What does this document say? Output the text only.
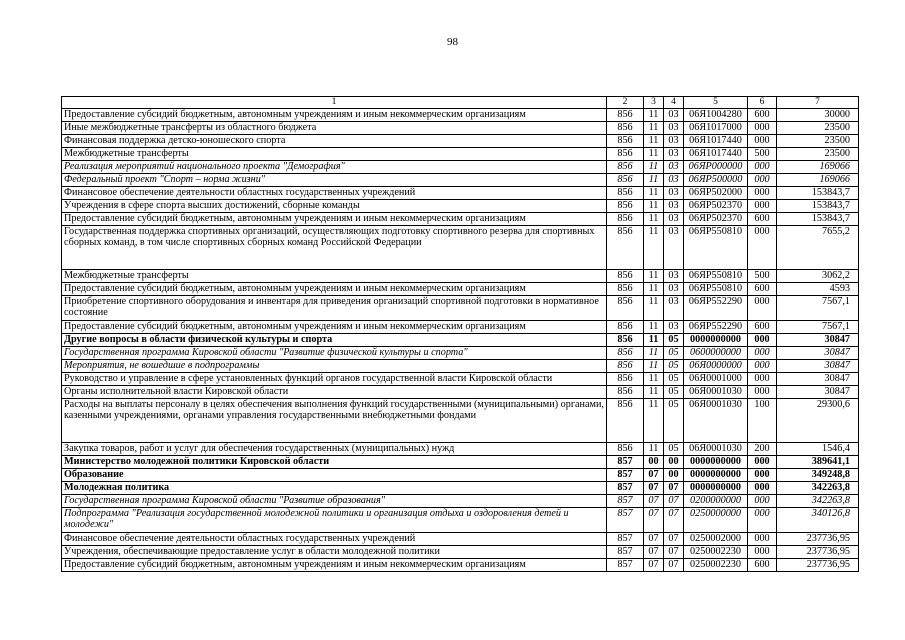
98
1	2	3	4	5	6	7
Предоставление субсидий бюджетным, автономным учреждениям и иным некоммерческим организациям	856	11	03	06Я1004280	600	30000
Иные межбюджетные трансферты из областного бюджета	856	11	03	06Я1017000	000	23500
Финансовая поддержка детско-юношеского спорта	856	11	03	06Я1017440	000	23500
Межбюджетные трансферты	856	11	03	06Я1017440	500	23500
Реализация мероприятий национального проекта "Демография"	856	11	03	06ЯР000000	000	169066
Федеральный проект "Спорт – норма жизни"	856	11	03	06ЯР500000	000	169066
Финансовое обеспечение деятельности областных государственных учреждений	856	11	03	06ЯР502000	000	153843,7
Учреждения в сфере спорта высших достижений, сборные команды	856	11	03	06ЯР502370	000	153843,7
Предоставление субсидий бюджетным, автономным учреждениям и иным некоммерческим организациям	856	11	03	06ЯР502370	600	153843,7
Государственная поддержка спортивных организаций, осуществляющих подготовку спортивного резерва для спортивных сборных команд, в том числе спортивных сборных команд Российской Федерации	856	11	03	06ЯР550810	000	7655,2
Межбюджетные трансферты	856	11	03	06ЯР550810	500	3062,2
Предоставление субсидий бюджетным, автономным учреждениям и иным некоммерческим организациям	856	11	03	06ЯР550810	600	4593
Приобретение спортивного оборудования и инвентаря для приведения организаций спортивной подготовки в нормативное состояние	856	11	03	06ЯР552290	000	7567,1
Предоставление субсидий бюджетным, автономным учреждениям и иным некоммерческим организациям	856	11	03	06ЯР552290	600	7567,1
Другие вопросы в области физической культуры и спорта	856	11	05	0000000000	000	30847
Государственная программа Кировской области "Развитие физической культуры и спорта"	856	11	05	0600000000	000	30847
Мероприятия, не вошедшие в подпрограммы	856	11	05	06Я0000000	000	30847
Руководство и управление в сфере установленных функций органов государственной власти Кировской области	856	11	05	06Я0001000	000	30847
Органы исполнительной власти Кировской области	856	11	05	06Я0001030	000	30847
Расходы на выплаты персоналу в целях обеспечения выполнения функций государственными (муниципальными) органами, казенными учреждениями, органами управления государственными внебюджетными фондами	856	11	05	06Я0001030	100	29300,6
Закупка товаров, работ и услуг для обеспечения государственных (муниципальных) нужд	856	11	05	06Я0001030	200	1546,4
Министерство молодежной политики Кировской области	857	00	00	0000000000	000	389641,1
Образование	857	07	00	0000000000	000	349248,8
Молодежная политика	857	07	07	0000000000	000	342263,8
Государственная программа Кировской области "Развитие образования"	857	07	07	0200000000	000	342263,8
Подпрограмма "Реализация государственной молодежной политики и организация отдыха и оздоровления детей и молодежи"	857	07	07	0250000000	000	340126,8
Финансовое обеспечение деятельности областных государственных учреждений	857	07	07	0250002000	000	237736,95
Учреждения, обеспечивающие предоставление услуг в области молодежной политики	857	07	07	0250002230	000	237736,95
Предоставление субсидий бюджетным, автономным учреждениям и иным некоммерческим организациям	857	07	07	0250002230	600	237736,95
